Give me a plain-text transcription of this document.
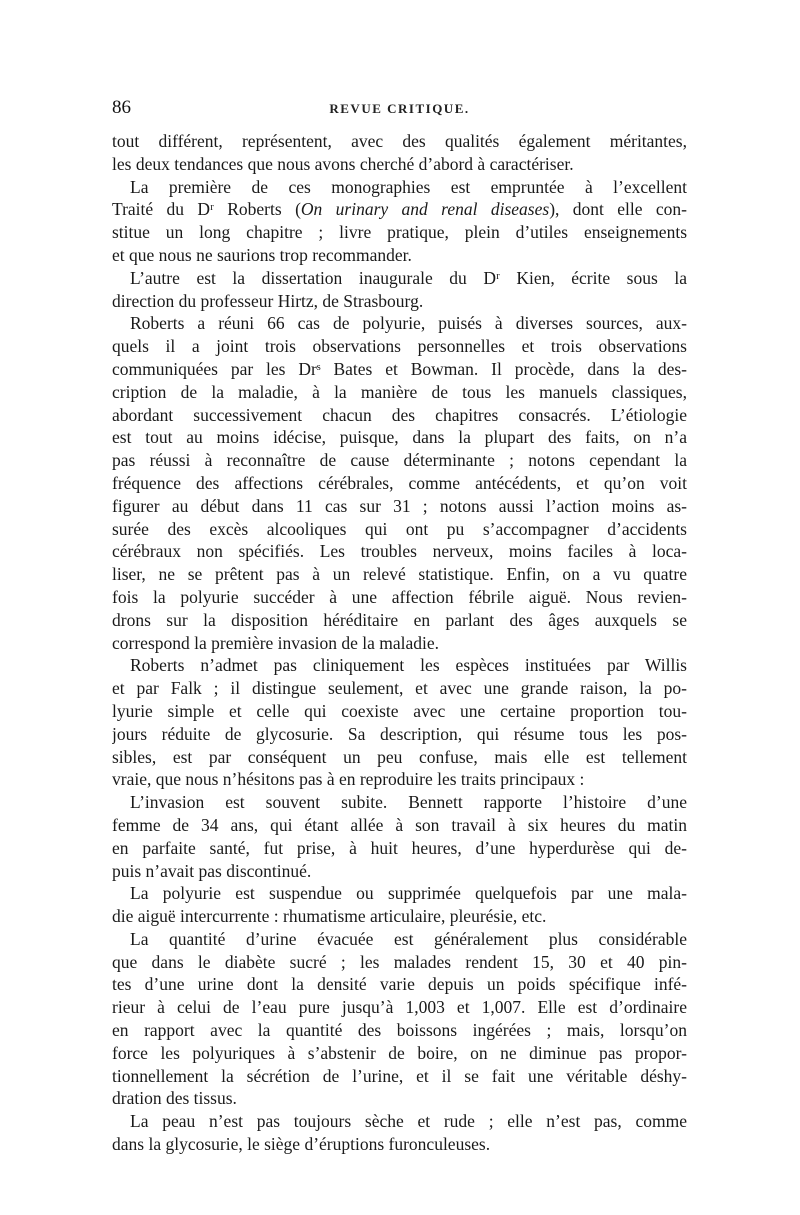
86	REVUE CRITIQUE.
tout différent, représentent, avec des qualités également méritantes,
les deux tendances que nous avons cherché d’abord à caractériser.
La première de ces monographies est empruntée à l’excellent
Traité du Dʳ Roberts (On urinary and renal diseases), dont elle con-
stitue un long chapitre ; livre pratique, plein d’utiles enseignements
et que nous ne saurions trop recommander.
L’autre est la dissertation inaugurale du Dʳ Kien, écrite sous la
direction du professeur Hirtz, de Strasbourg.
Roberts a réuni 66 cas de polyurie, puisés à diverses sources, aux-
quels il a joint trois observations personnelles et trois observations
communiquées par les Drˢ Bates et Bowman. Il procède, dans la des-
cription de la maladie, à la manière de tous les manuels classiques,
abordant successivement chacun des chapitres consacrés. L’étiologie
est tout au moins idécise, puisque, dans la plupart des faits, on n’a
pas réussi à reconnaître de cause déterminante ; notons cependant la
fréquence des affections cérébrales, comme antécédents, et qu’on voit
figurer au début dans 11 cas sur 31 ; notons aussi l’action moins as-
surée des excès alcooliques qui ont pu s’accompagner d’accidents
cérébraux non spécifiés. Les troubles nerveux, moins faciles à loca-
liser, ne se prêtent pas à un relevé statistique. Enfin, on a vu quatre
fois la polyurie succéder à une affection fébrile aiguë. Nous revien-
drons sur la disposition héréditaire en parlant des âges auxquels se
correspond la première invasion de la maladie.
Roberts n’admet pas cliniquement les espèces instituées par Willis
et par Falk ; il distingue seulement, et avec une grande raison, la po-
lyurie simple et celle qui coexiste avec une certaine proportion tou-
jours réduite de glycosurie. Sa description, qui résume tous les pos-
sibles, est par conséquent un peu confuse, mais elle est tellement
vraie, que nous n’hésitons pas à en reproduire les traits principaux :
L’invasion est souvent subite. Bennett rapporte l’histoire d’une
femme de 34 ans, qui étant allée à son travail à six heures du matin
en parfaite santé, fut prise, à huit heures, d’une hyperdurèse qui de-
puis n’avait pas discontinué.
La polyurie est suspendue ou supprimée quelquefois par une mala-
die aiguë intercurrente : rhumatisme articulaire, pleurésie, etc.
La quantité d’urine évacuée est généralement plus considérable
que dans le diabète sucré ; les malades rendent 15, 30 et 40 pin-
tes d’une urine dont la densité varie depuis un poids spécifique infé-
rieur à celui de l’eau pure jusqu’à 1,003 et 1,007. Elle est d’ordinaire
en rapport avec la quantité des boissons ingérées ; mais, lorsqu’on
force les polyuriques à s’abstenir de boire, on ne diminue pas propor-
tionnellement la sécrétion de l’urine, et il se fait une véritable déshy-
dration des tissus.
La peau n’est pas toujours sèche et rude ; elle n’est pas, comme
dans la glycosurie, le siège d’éruptions furonculeuses.
